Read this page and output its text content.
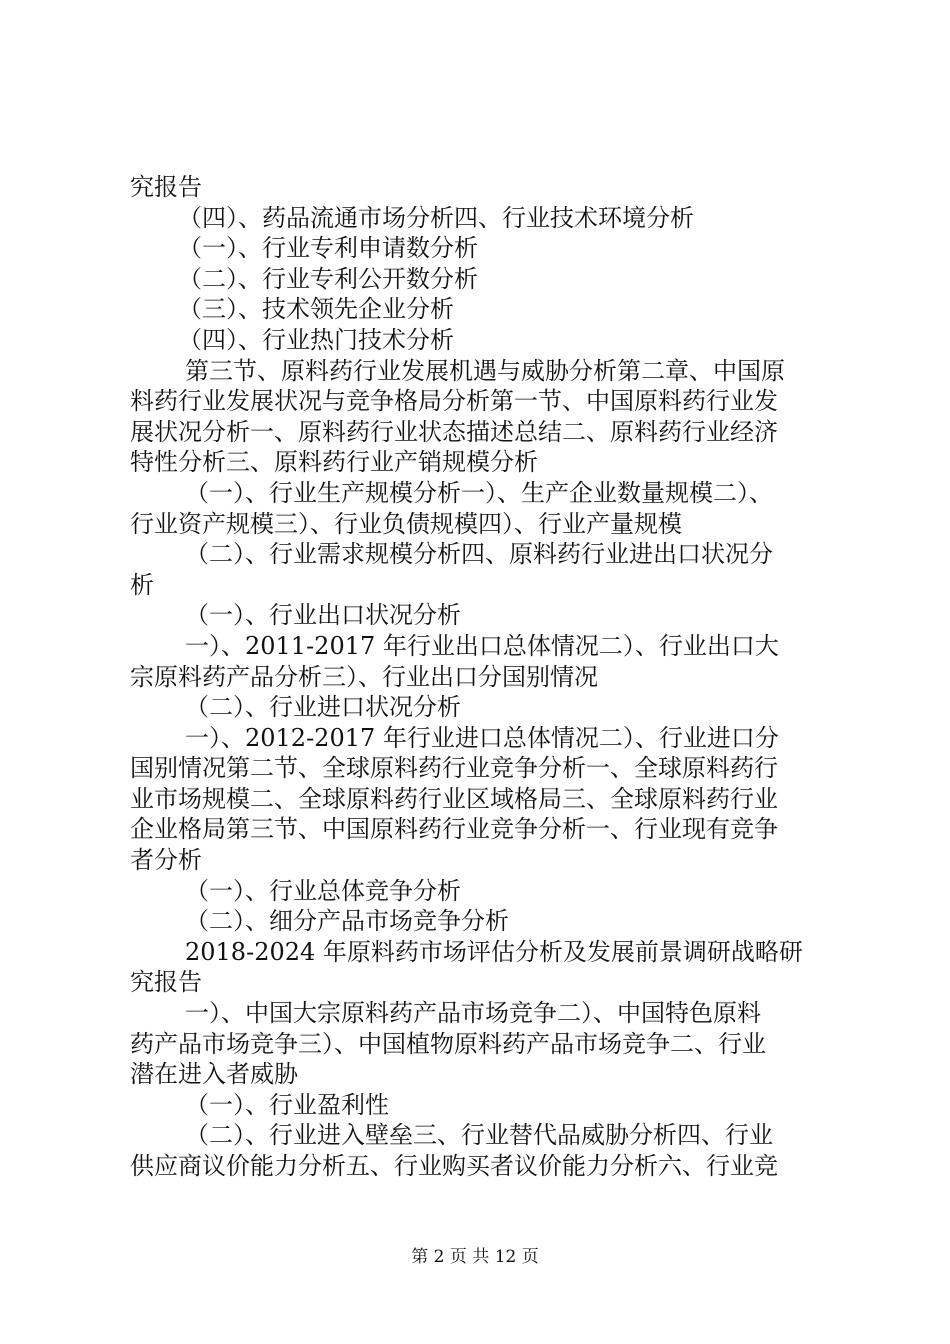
究报告
（四）、药品流通市场分析四、行业技术环境分析
（一）、行业专利申请数分析
（二）、行业专利公开数分析
（三）、技术领先企业分析
（四）、行业热门技术分析
第三节、原料药行业发展机遇与威胁分析第二章、中国原
料药行业发展状况与竞争格局分析第一节、中国原料药行业发
展状况分析一、原料药行业状态描述总结二、原料药行业经济
特性分析三、原料药行业产销规模分析
（一）、行业生产规模分析一）、生产企业数量规模二）、
行业资产规模三）、行业负债规模四）、行业产量规模
（二）、行业需求规模分析四、原料药行业进出口状况分
析
（一）、行业出口状况分析
一）、2011-2017 年行业出口总体情况二）、行业出口大
宗原料药产品分析三）、行业出口分国别情况
（二）、行业进口状况分析
一）、2012-2017 年行业进口总体情况二）、行业进口分
国别情况第二节、全球原料药行业竞争分析一、全球原料药行
业市场规模二、全球原料药行业区域格局三、全球原料药行业
企业格局第三节、中国原料药行业竞争分析一、行业现有竞争
者分析
（一）、行业总体竞争分析
（二）、细分产品市场竞争分析
2018-2024 年原料药市场评估分析及发展前景调研战略研
究报告
一）、中国大宗原料药产品市场竞争二）、中国特色原料
药产品市场竞争三）、中国植物原料药产品市场竞争二、行业
潜在进入者威胁
（一）、行业盈利性
（二）、行业进入壁垒三、行业替代品威胁分析四、行业
供应商议价能力分析五、行业购买者议价能力分析六、行业竞
第 2 页 共 12 页
